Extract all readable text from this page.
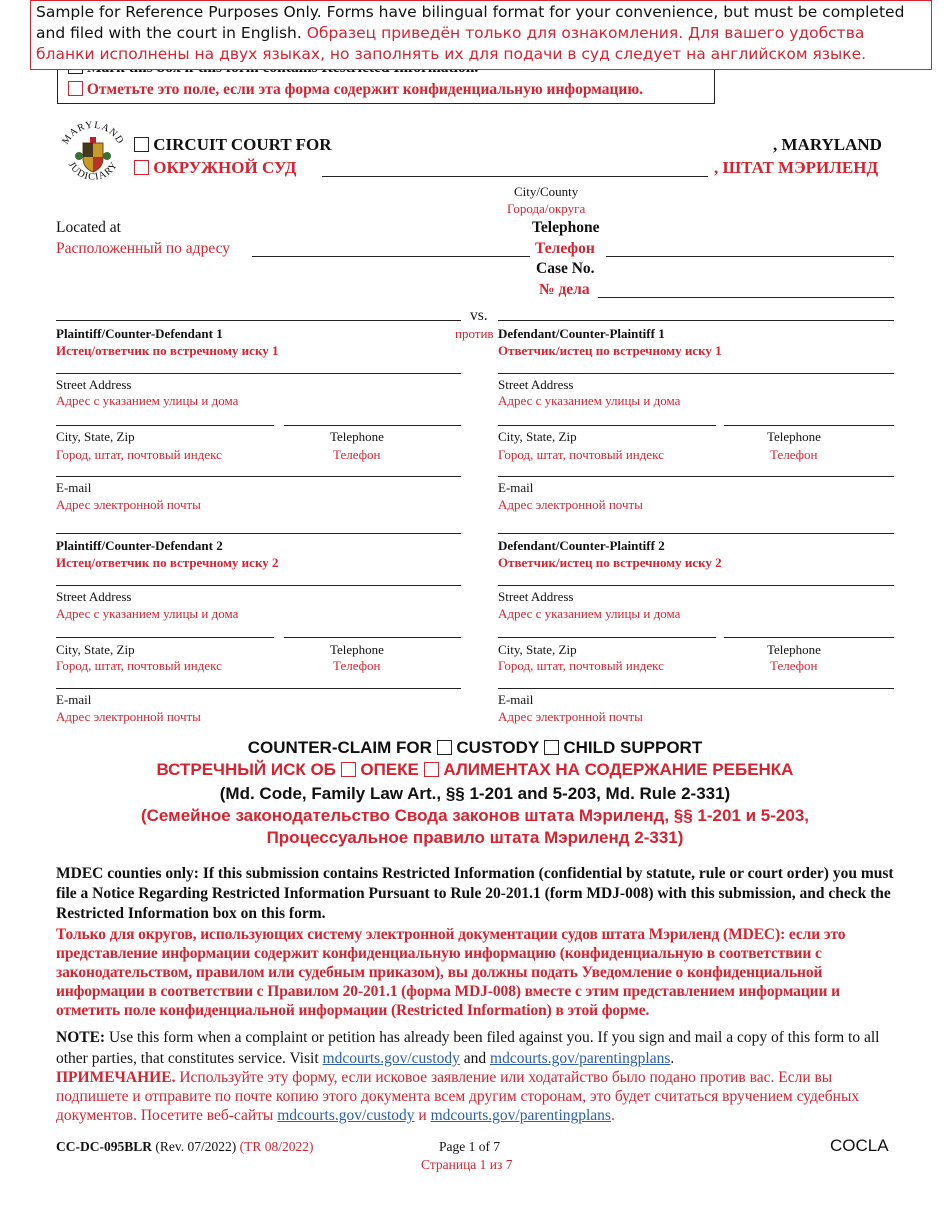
Sample for Reference Purposes Only. Forms have bilingual format for your convenience, but must be completed and filed with the court in English. Образец приведён только для ознакомления. Для вашего удобства бланки исполнены на двух языках, но заполнять их для подачи в суд следует на английском языке.
Отметьте это поле, если эта форма содержит конфиденциальную информацию.
MARYLAND
JUDICIARY
CIRCUIT COURT FOR
ОКРУЖНОЙ СУД
, MARYLAND
, ШТАТ МЭРИЛЕНД
City/County
Города/округа
Located at
Расположенный по адресу
Telephone
Телефон
Case No.
№ дела
vs.
против
Plaintiff/Counter-Defendant 1
Истец/ответчик по встречному иску 1
Street Address
Адрес с указанием улицы и дома
City, State, Zip
Город, штат, почтовый индекс
Telephone
Телефон
E-mail
Адрес электронной почты
Defendant/Counter-Plaintiff 1
Ответчик/истец по встречному иску 1
Street Address
Адрес с указанием улицы и дома
City, State, Zip
Город, штат, почтовый индекс
Telephone
Телефон
E-mail
Адрес электронной почты
Plaintiff/Counter-Defendant 2
Истец/ответчик по встречному иску 2
Street Address
Адрес с указанием улицы и дома
City, State, Zip
Город, штат, почтовый индекс
Telephone
Телефон
E-mail
Адрес электронной почты
Defendant/Counter-Plaintiff 2
Ответчик/истец по встречному иску 2
Street Address
Адрес с указанием улицы и дома
City, State, Zip
Город, штат, почтовый индекс
Telephone
Телефон
E-mail
Адрес электронной почты
COUNTER-CLAIM FOR CUSTODY CHILD SUPPORT
ВСТРЕЧНЫЙ ИСК ОБ ОПЕКЕ АЛИМЕНТАХ НА СОДЕРЖАНИЕ РЕБЕНКА
(Md. Code, Family Law Art., §§ 1-201 and 5-203, Md. Rule 2-331)
(Семейное законодательство Свода законов штата Мэриленд, §§ 1-201 и 5-203,
Процессуальное правило штата Мэриленд 2-331)
MDEC counties only: If this submission contains Restricted Information (confidential by statute, rule or court order) you must file a Notice Regarding Restricted Information Pursuant to Rule 20-201.1 (form MDJ-008) with this submission, and check the Restricted Information box on this form.
Только для округов, использующих систему электронной документации судов штата Мэриленд (MDEC): если это представление информации содержит конфиденциальную информацию (конфиденциальную в соответствии с законодательством, правилом или судебным приказом), вы должны подать Уведомление о конфиденциальной информации в соответствии с Правилом 20-201.1 (форма MDJ-008) вместе с этим представлением информации и отметить поле конфиденциальной информации (Restricted Information) в этой форме.
NOTE: Use this form when a complaint or petition has already been filed against you. If you sign and mail a copy of this form to all other parties, that constitutes service. Visit mdcourts.gov/custody and mdcourts.gov/parentingplans.
ПРИМЕЧАНИЕ. Используйте эту форму, если исковое заявление или ходатайство было подано против вас. Если вы подпишете и отправите по почте копию этого документа всем другим сторонам, это будет считаться вручением судебных документов. Посетите веб-сайты mdcourts.gov/custody и mdcourts.gov/parentingplans.
CC-DC-095BLR (Rev. 07/2022) (TR 08/2022)	Page 1 of 7
Страница 1 из 7
COCLA
